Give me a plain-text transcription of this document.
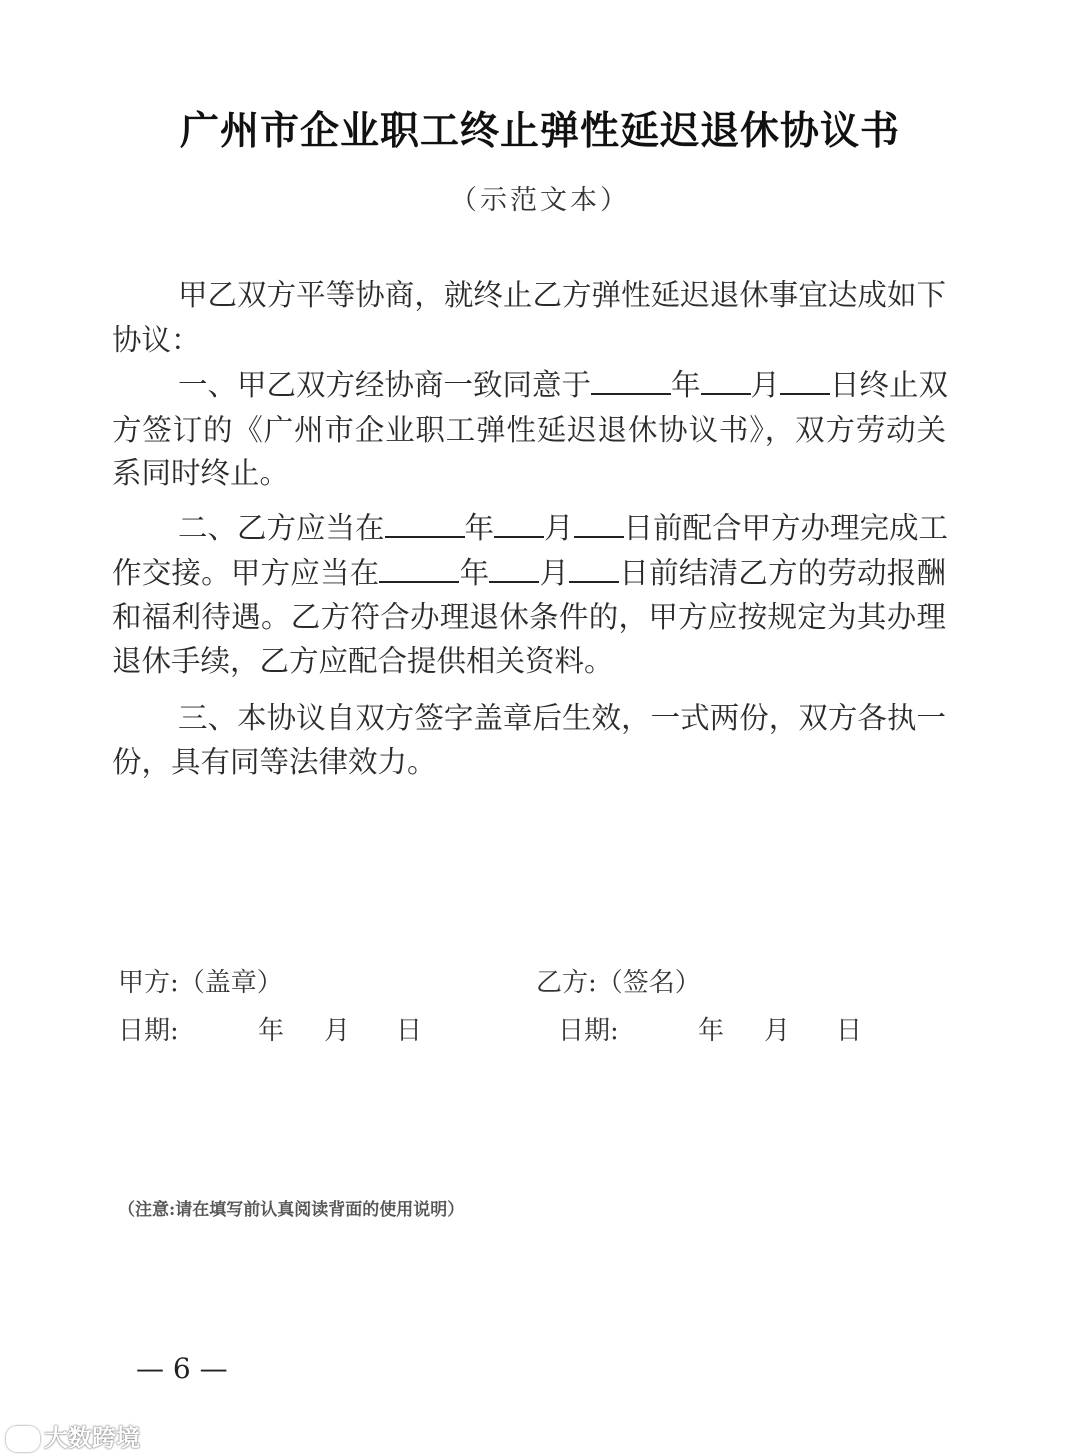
广州市企业职工终止弹性延迟退休协议书
（示范文本）
甲乙双方平等协商，就终止乙方弹性延迟退休事宜达成如下
协议：
一、甲乙双方经协商一致同意于	年 月 日终止双
方签订的《广州市企业职工弹性延迟退休协议书》，双方劳动关
系同时终止。
二、乙方应当在	年 月 日前配合甲方办理完成工
作交接。甲方应当在	年 月 日前结清乙方的劳动报酬
和福利待遇。乙方符合办理退休条件的，甲方应按规定为其办理
退休手续，乙方应配合提供相关资料。
三、本协议自双方签字盖章后生效，一式两份，双方各执一
份，具有同等法律效力。
甲方:（盖章）	乙方:（签名）
日期:	年 月 日	日期:	年 月 日
（注意:请在填写前认真阅读背面的使用说明）
— 6 —
大数跨境
